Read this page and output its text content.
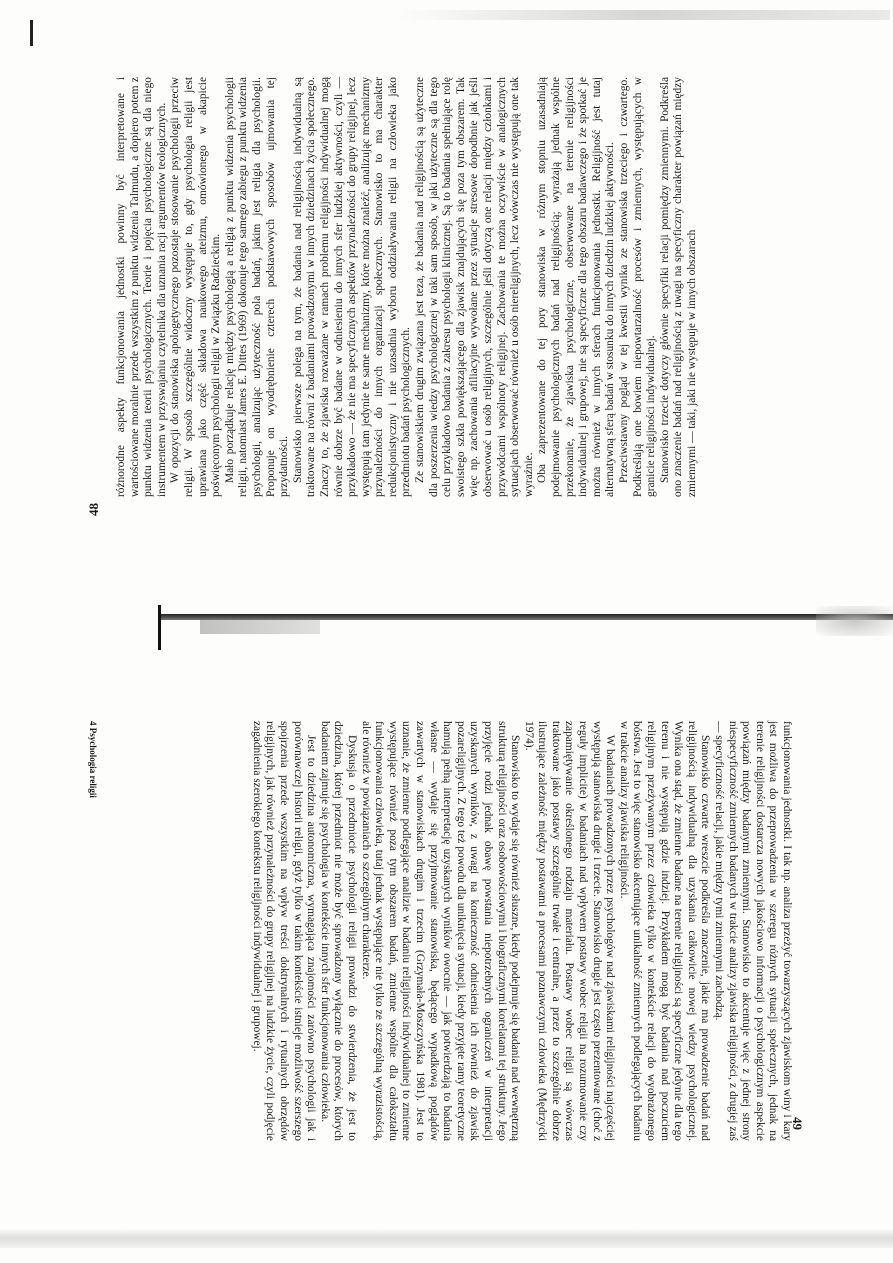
48

różnorodne aspekty funkcjonowania jednostki powinny być interpretowane i wartościowane moralnie przede wszystkim z punktu widzenia Talmudu, a dopiero potem z punktu widzenia teorii psychologicznych. Teorie i pojęcia psychologiczne są dla niego instrumentem w przyswajaniu czytelnika dla uznania racji argumentów teologicznych. W opozycji do stanowiska apologetycznego pozostaje stosowanie psychologii przeciw religii. W sposób szczególnie widoczny występuje to, gdy psychologia religii jest uprawiana jako część składowa naukowego ateizmu, omówionego w akapicie poświęconym psychologii religii w Związku Radzieckim. Mało porządkuje relację między psychologią a religią z punktu widzenia psychologii religii, natomiast James E. Dittes (1969) dokonuje tego samego zabiegu z punktu widzenia psychologii, analizując użyteczność pola badań, jakim jest religia dla psychologii. Proponuje on wyodrębnienie czterech podstawowych sposobów ujmowania tej przydatności. Stanowisko pierwsze polega na tym, że badania nad religijnością indywidualną są traktowane na równi z badaniami prowadzonymi w innych dziedzinach życia społecznego. Znaczy to, że zjawiska rozważane w ramach problemu religijności indywidualnej mogą równie dobrze być badane w odniesieniu do innych sfer ludzkiej aktywności, czyli — przykładowo — że nie ma specyficznych aspektów przynależności do grupy religijnej, lecz występują tam jedynie te same mechanizmy, które można znaleźć, analizując mechanizmy przynależności do innych organizacji społecznych. Stanowisko to ma charakter redukcjonistyczny i nie uzasadnia wyboru oddziaływania religii na człowieka jako przedmiotu badań psychologicznych. Ze stanowiskiem drugim związana jest teza, że badania nad religijnością są użyteczne dla poszerzenia wiedzy psychologicznej w taki sam sposób, w jaki użyteczne są dla tego celu przykładowo badania z zakresu psychologii klinicznej. Są to badania spełniające rolę swoistego szkła powiększającego dla zjawisk znajdujących się poza tym obszarem. Tak więc np. zachowania afiliacyjne wywołane przez sytuacje stresowe dopodbnie jak jeśli obserwować u osób religijnych, szczególnie jeśli dotyczą one relacji między członkami i przywódcami wspólnoty religijnej. Zachowania te można oczywiście w analogicznych sytuacjach obserwować również u osób niereligijnych, lecz wówczas nie występują one tak wyraźnie. Oba zaprezentowane do tej pory stanowiska w różnym stopniu uzasadniają podejmowanie psychologicznych badań nad religijnością; wyrażają jednak wspólne przekonanie, że zjawiska psychologiczne, obserwowane na terenie religijności indywidualnej i grupowej, nie są specyficzne dla tego obszaru badawczego i że spotkać je można również w innych sferach funkcjonowania jednostki. Religijność jest tutaj alternatywną sferą badań w stosunku do innych dziedzin ludzkiej aktywności. Przeciwstawny pogląd w tej kwestii wynika ze stanowiska trzeciego i czwartego. Podkreślają one bowiem niepowtarzalność procesów i zmiennych, występujących w granicie religijności indywidualnej. Stanowisko trzecie dotyczy głównie specyfiki relacji pomiędzy zmiennymi. Podkreśla ono znaczenie badań nad religijnością z uwagi na specyficzny charakter powiązań między zmiennymi — taki, jaki nie występuje w innych obszarach

49

funkcjonowania jednostki. I tak np. analiza przeżyć towarzyszących zjawiskom winy i kary jest możliwa do przeprowadzenia w szeregu różnych sytuacji społecznych, jednak na terenie religijności dostarcza nowych jakościowo informacji o psychologicznym aspekcie powiązań między badanymi zmiennymi. Stanowisko to akcentuje więc z jednej strony niespecyficzność zmiennych badanych w trakcie analizy zjawiska religijności, z drugiej zaś — specyficzność relacji, jakie między tymi zmiennymi zachodzą.

Stanowisko czwarte wreszcie podkreśla znaczenie, jakie ma prowadzenie badań nad religijnością indywidualną dla uzyskania całkowicie nowej wiedzy psychologicznej. Wynika ona stąd, że zmienne badane na terenie religijności są specyficzne jedynie dla tego terenu i nie występują gdzie indziej. Przykładem mogą być badania nad poczuciem religijnym przeżywanym przez człowieka tylko w kontekście relacji do wyobrażonego bóstwa. Jest to więc stanowisko akcentujące unikalność zmiennych podlegających badaniu w trakcie analizy zjawiska religijności.

W badaniach prowadzonych przez psychologów nad zjawiskami religijności najczęściej występują stanowiska drugie i trzecie. Stanowisko drugie jest często prezentowane (choć z reguły implicite) w badaniach nad wpływem postawy wobec religii na rozumowanie czy zapamiętywanie określonego rodzaju materiału. Postawy wobec religii są wówczas traktowane jako postawy szczególnie trwałe i centralne, a przez to szczególnie dobrze ilustrujące zależność między postawami a procesami poznawczymi człowieka (Mędrzycki 1974).

Stanowisko to wydaje się również słuszne, kiedy podejmuje się badania nad wewnętrzną strukturą religijności oraz osobowościowymi i biograficznymi korelatami tej struktury. Jego przyjęcie rodzi jednak obawę powstania niepotrzebnych ograniczeń w interpretacji uzyskanych wyników, z uwagi na konieczność odniesienia ich również do zjawisk pozareligijnych. Z tego też powodu dla uniknięcia sytuacji, kiedy przyjęte ramy teoretyczne hamują pełną interpretację uzyskanych wyników owocnie — jak potwierdzają to badania własne — wydaje się przyjmowanie stanowiska, będącego wypadkową poglądów zawartych w stanowiskach drugim i trzecim (Grzymała-Moszczyńska 1981). Jest to uznanie, że zmienne podlegające analizie w badaniu religijności indywidualnej to zmienne występujące również poza tym obszarem badań, zmienne wspólne dla całokształtu funkcjonowania człowieka, tutaj jednak występujące nie tylko ze szczególną wyrazistością, ale również w powiązaniach o szczególnym charakterze.

Dyskusja o przedmiocie psychologii religii prowadzi do stwierdzenia, że jest to dziedzina, której przedmiot nie może być sprowadzony wyłącznie do procesów, których badaniem zajmuje się psychologia w kontekście innych sfer funkcjonowania człowieka.

Jest to dziedzina autonomiczna, wymagająca znajomości zarówno psychologii jak i porównawczej historii religii, gdyż tylko w takim kontekście istnieje możliwość szerszego spojrzenia przede wszystkim na wpływ treści doktrynalnych i rytualnych obrzędów religijnych, jak również przynależności do grupy religijnej na ludzkie życie, czyli podjęcie zagadnienia szerokiego kontekstu religijności indywidualnej i grupowej.

4 Psychologia religii
